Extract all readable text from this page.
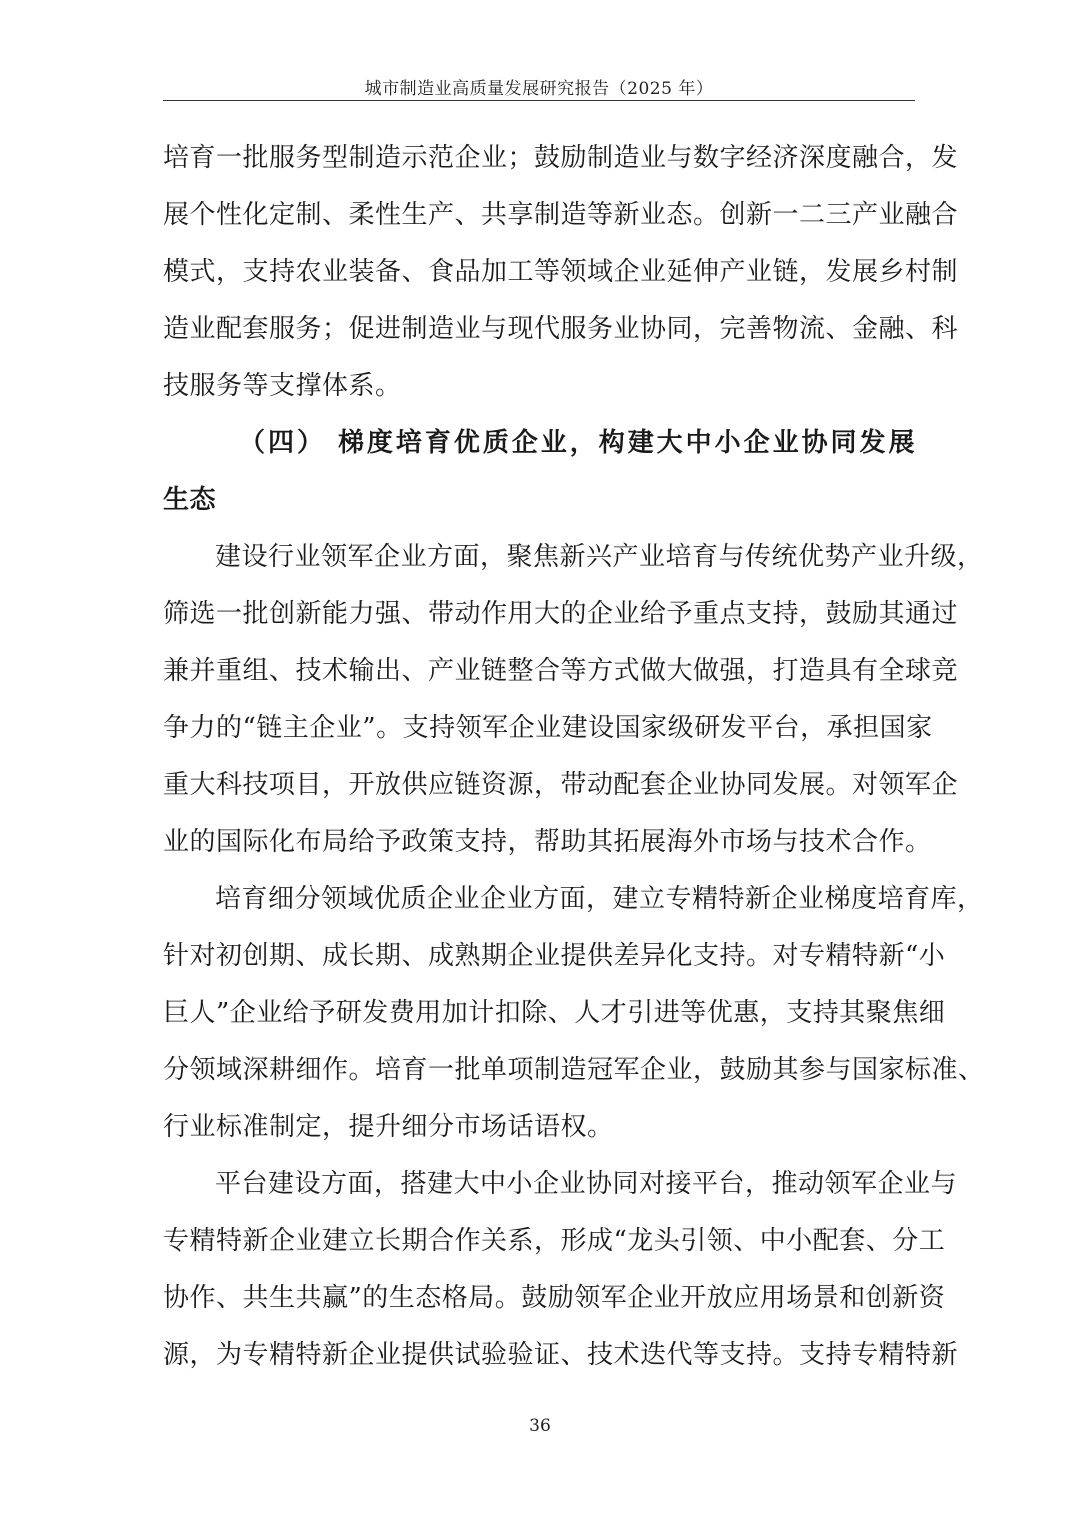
城市制造业高质量发展研究报告（2025 年）
培育一批服务型制造示范企业；鼓励制造业与数字经济深度融合，发
展个性化定制、柔性生产、共享制造等新业态。创新一二三产业融合
模式，支持农业装备、食品加工等领域企业延伸产业链，发展乡村制
造业配套服务；促进制造业与现代服务业协同，完善物流、金融、科
技服务等支撑体系。
（四） 梯度培育优质企业，构建大中小企业协同发展
生态
建设行业领军企业方面，聚焦新兴产业培育与传统优势产业升级，
筛选一批创新能力强、带动作用大的企业给予重点支持，鼓励其通过
兼并重组、技术输出、产业链整合等方式做大做强，打造具有全球竞
争力的“链主企业”。支持领军企业建设国家级研发平台，承担国家
重大科技项目，开放供应链资源，带动配套企业协同发展。对领军企
业的国际化布局给予政策支持，帮助其拓展海外市场与技术合作。
培育细分领域优质企业企业方面，建立专精特新企业梯度培育库，
针对初创期、成长期、成熟期企业提供差异化支持。对专精特新“小
巨人”企业给予研发费用加计扣除、人才引进等优惠，支持其聚焦细
分领域深耕细作。培育一批单项制造冠军企业，鼓励其参与国家标准、
行业标准制定，提升细分市场话语权。
平台建设方面，搭建大中小企业协同对接平台，推动领军企业与
专精特新企业建立长期合作关系，形成“龙头引领、中小配套、分工
协作、共生共赢”的生态格局。鼓励领军企业开放应用场景和创新资
源，为专精特新企业提供试验验证、技术迭代等支持。支持专精特新
36
